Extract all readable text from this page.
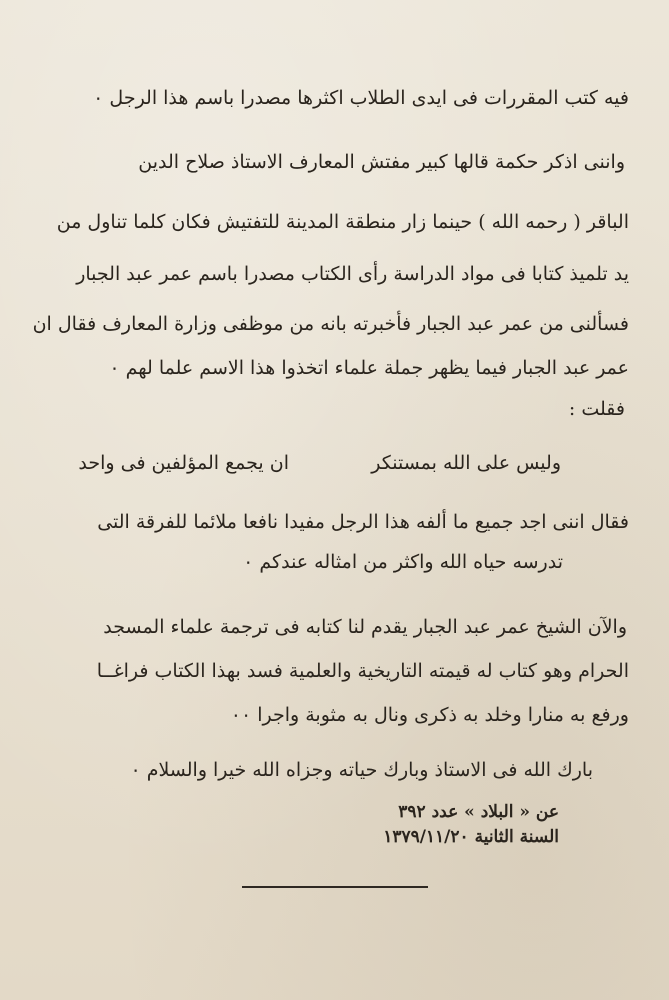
فيه كتب المقررات فى ايدى الطلاب اكثرها مصدرا باسم هذا الرجل ٠
واننى اذكر حكمة قالها كبير مفتش المعارف الاستاذ صلاح الدين
الباقر ( رحمه الله ) حينما زار منطقة المدينة للتفتيش فكان كلما تناول من
يد تلميذ كتابا فى مواد الدراسة رأى الكتاب مصدرا باسم عمر عبد الجبار
فسألنى من عمر عبد الجبار فأخبرته بانه من موظفى وزارة المعارف فقال ان
عمر عبد الجبار فيما يظهر جملة علماء اتخذوا هذا الاسم علما لهم ٠
فقلت :
وليس على الله بمستنكر
ان يجمع المؤلفين فى واحد
فقال اننى اجد جميع ما ألفه هذا الرجل مفيدا نافعا ملائما للفرقة التى
تدرسه حياه الله واكثر من امثاله عندكم ٠
والآن الشيخ عمر عبد الجبار يقدم لنا كتابه فى ترجمة علماء المسجد
الحرام وهو كتاب له قيمته التاريخية والعلمية فسد بهذا الكتاب فراغــا
ورفع به منارا وخلد به ذكرى ونال به مثوبة واجرا ٠٠
بارك الله فى الاستاذ وبارك حياته وجزاه الله خيرا والسلام ٠
عن « البلاد » عدد ٣٩٢
السنة الثانية ١٣٧٩/١١/٢٠
